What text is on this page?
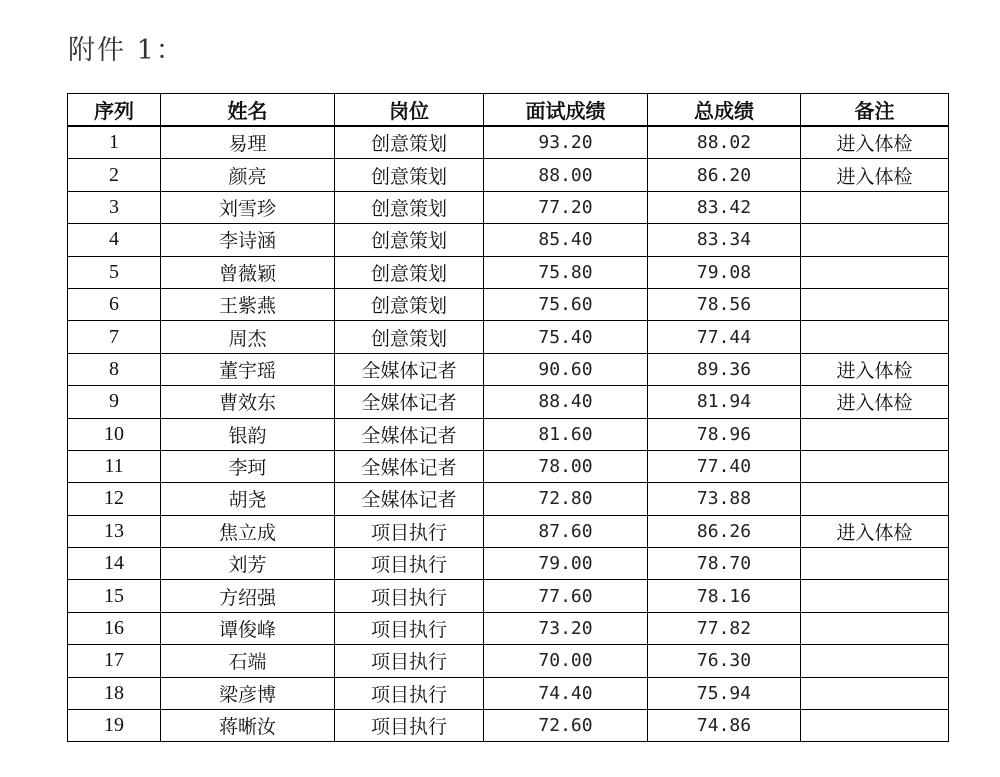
附件 1：
序列	姓名	岗位	面试成绩	总成绩	备注
1	易理	创意策划	93.20	88.02	进入体检
2	颜亮	创意策划	88.00	86.20	进入体检
3	刘雪珍	创意策划	77.20	83.42	
4	李诗涵	创意策划	85.40	83.34	
5	曾薇颖	创意策划	75.80	79.08	
6	王紫燕	创意策划	75.60	78.56	
7	周杰	创意策划	75.40	77.44	
8	董宇瑶	全媒体记者	90.60	89.36	进入体检
9	曹效东	全媒体记者	88.40	81.94	进入体检
10	银韵	全媒体记者	81.60	78.96	
11	李珂	全媒体记者	78.00	77.40	
12	胡尧	全媒体记者	72.80	73.88	
13	焦立成	项目执行	87.60	86.26	进入体检
14	刘芳	项目执行	79.00	78.70	
15	方绍强	项目执行	77.60	78.16	
16	谭俊峰	项目执行	73.20	77.82	
17	石端	项目执行	70.00	76.30	
18	梁彦博	项目执行	74.40	75.94	
19	蒋晰汝	项目执行	72.60	74.86	
